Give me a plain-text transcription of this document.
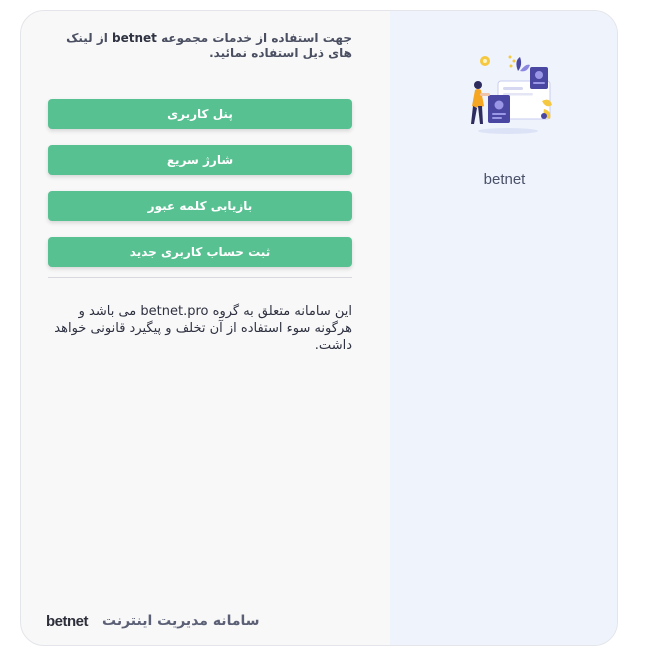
جهت استفاده از خدمات مجموعه betnet از لینک های ذیل استفاده نمائید.

پنل کاربری
شارژ سریع
بازیابی کلمه عبور
ثبت حساب کاربری جدید

این سامانه متعلق به گروه betnet.pro می باشد و هرگونه سوء استفاده از آن تخلف و پیگیرد قانونی خواهد داشت.

betnet سامانه مدیریت اینترنت
betnet
